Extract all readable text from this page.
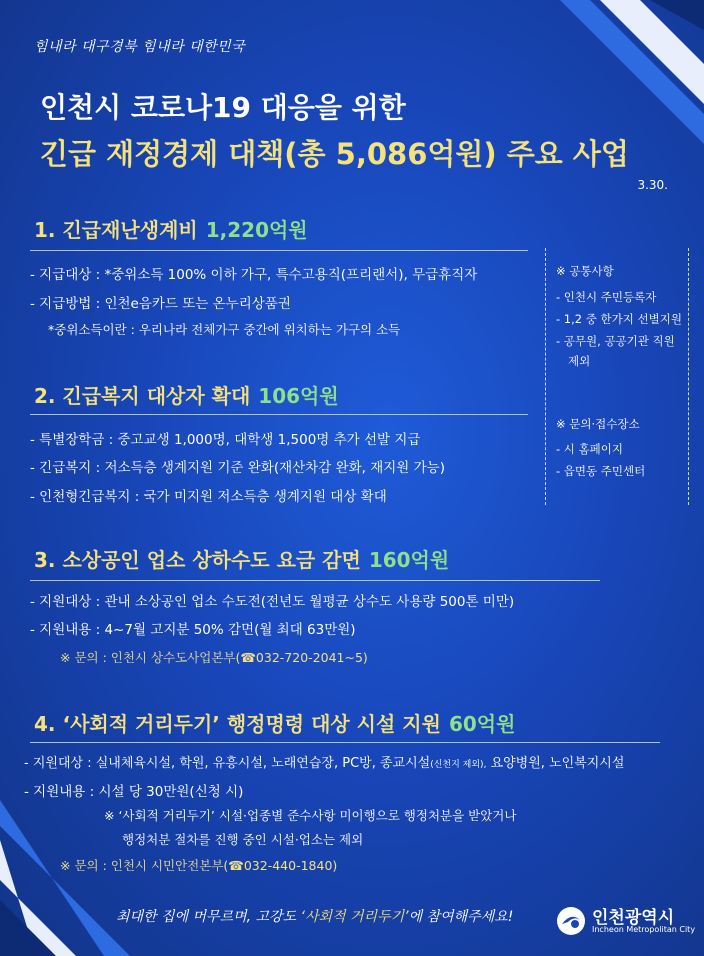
힘내라 대구경북 힘내라 대한민국
인천시 코로나19 대응을 위한
긴급 재정경제 대책(총 5,086억원) 주요 사업
3.30.
1. 긴급재난생계비 1,220억원
- 지급대상 : *중위소득 100% 이하 가구, 특수고용직(프리랜서), 무급휴직자
- 지급방법 : 인천e음카드 또는 온누리상품권
*중위소득이란 : 우리나라 전체가구 중간에 위치하는 가구의 소득
2. 긴급복지 대상자 확대 106억원
- 특별장학금 : 중고교생 1,000명, 대학생 1,500명 추가 선발 지급
- 긴급복지 : 저소득층 생계지원 기준 완화(재산차감 완화, 재지원 가능)
- 인천형긴급복지 : 국가 미지원 저소득층 생계지원 대상 확대
※ 공통사항
- 인천시 주민등록자
- 1,2 중 한가지 선별지원
- 공무원, 공공기관 직원
제외
※ 문의·접수장소
- 시 홈페이지
- 읍면동 주민센터
3. 소상공인 업소 상하수도 요금 감면 160억원
- 지원대상 : 관내 소상공인 업소 수도전(전년도 월평균 상수도 사용량 500톤 미만)
- 지원내용 : 4~7월 고지분 50% 감면(월 최대 63만원)
※ 문의 : 인천시 상수도사업본부(☎032-720-2041~5)
4. ‘사회적 거리두기’ 행정명령 대상 시설 지원 60억원
- 지원대상 : 실내체육시설, 학원, 유흥시설, 노래연습장, PC방, 종교시설(신천지 제외), 요양병원, 노인복지시설
- 지원내용 : 시설 당 30만원(신청 시)
※ ‘사회적 거리두기’ 시설·업종별 준수사항 미이행으로 행정처분을 받았거나
행정처분 절차를 진행 중인 시설·업소는 제외
※ 문의 : 인천시 시민안전본부(☎032-440-1840)
최대한 집에 머무르며, 고강도 ‘사회적 거리두기’에 참여해주세요!	인천광역시
Incheon Metropolitan City
